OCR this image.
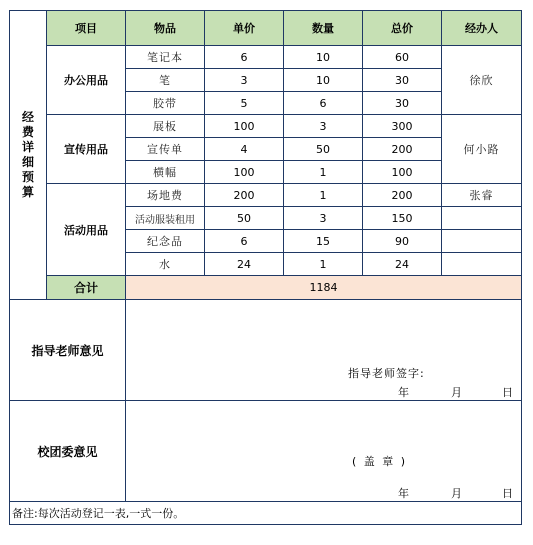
经费详细预算	项目	物品	单价	数量	总价	经办人
	办公用品	笔记本	6	10	60	徐欣
		笔	3	10	30	
		胶带	5	6	30	
	宣传用品	展板	100	3	300	何小路
		宣传单	4	50	200	
		横幅	100	1	100	
	活动用品	场地费	200	1	200	张睿
		活动服装租用	50	3	150	
		纪念品	6	15	90	
		水	24	1	24	
	合计	1184				
指导老师意见		指导老师签字:
年 月 日				

校团委意见		( 盖 章 )
年 月 日				

备注:每次活动登记一表,一式一份。						
